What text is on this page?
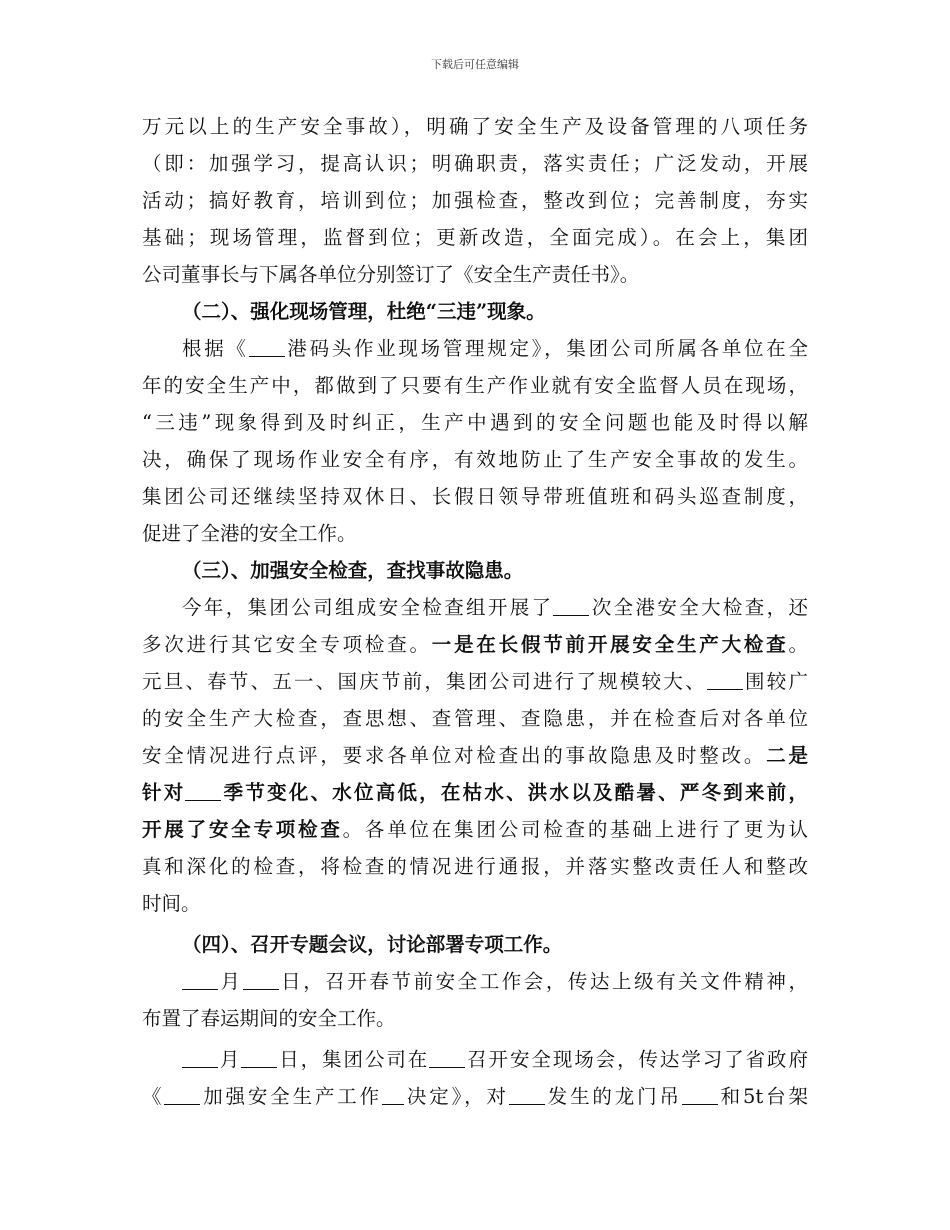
下载后可任意编辑
万元以上的生产安全事故），明确了安全生产及设备管理的八项任务
（即：加强学习，提高认识；明确职责，落实责任；广泛发动，开展
活动；搞好教育，培训到位；加强检查，整改到位；完善制度，夯实
基础；现场管理，监督到位；更新改造，全面完成）。在会上，集团
公司董事长与下属各单位分别签订了《安全生产责任书》。
（二）、强化现场管理，杜绝“三违”现象。
根据《 港码头作业现场管理规定》，集团公司所属各单位在全
年的安全生产中，都做到了只要有生产作业就有安全监督人员在现场，
“三违”现象得到及时纠正，生产中遇到的安全问题也能及时得以解
决，确保了现场作业安全有序，有效地防止了生产安全事故的发生。
集团公司还继续坚持双休日、长假日领导带班值班和码头巡查制度，
促进了全港的安全工作。
（三）、加强安全检查，查找事故隐患。
今年，集团公司组成安全检查组开展了 次全港安全大检查，还
多次进行其它安全专项检查。一是在长假节前开展安全生产大检查。
元旦、春节、五一、国庆节前，集团公司进行了规模较大、 围较广
的安全生产大检查，查思想、查管理、查隐患，并在检查后对各单位
安全情况进行点评，要求各单位对检查出的事故隐患及时整改。二是
针对 季节变化、水位高低，在枯水、洪水以及酷暑、严冬到来前，
开展了安全专项检查。各单位在集团公司检查的基础上进行了更为认
真和深化的检查，将检查的情况进行通报，并落实整改责任人和整改
时间。
（四）、召开专题会议，讨论部署专项工作。
月 日，召开春节前安全工作会，传达上级有关文件精神，
布置了春运期间的安全工作。
月 日，集团公司在 召开安全现场会，传达学习了省政府
《 加强安全生产工作 决定》，对 发生的龙门吊 和5t台架
